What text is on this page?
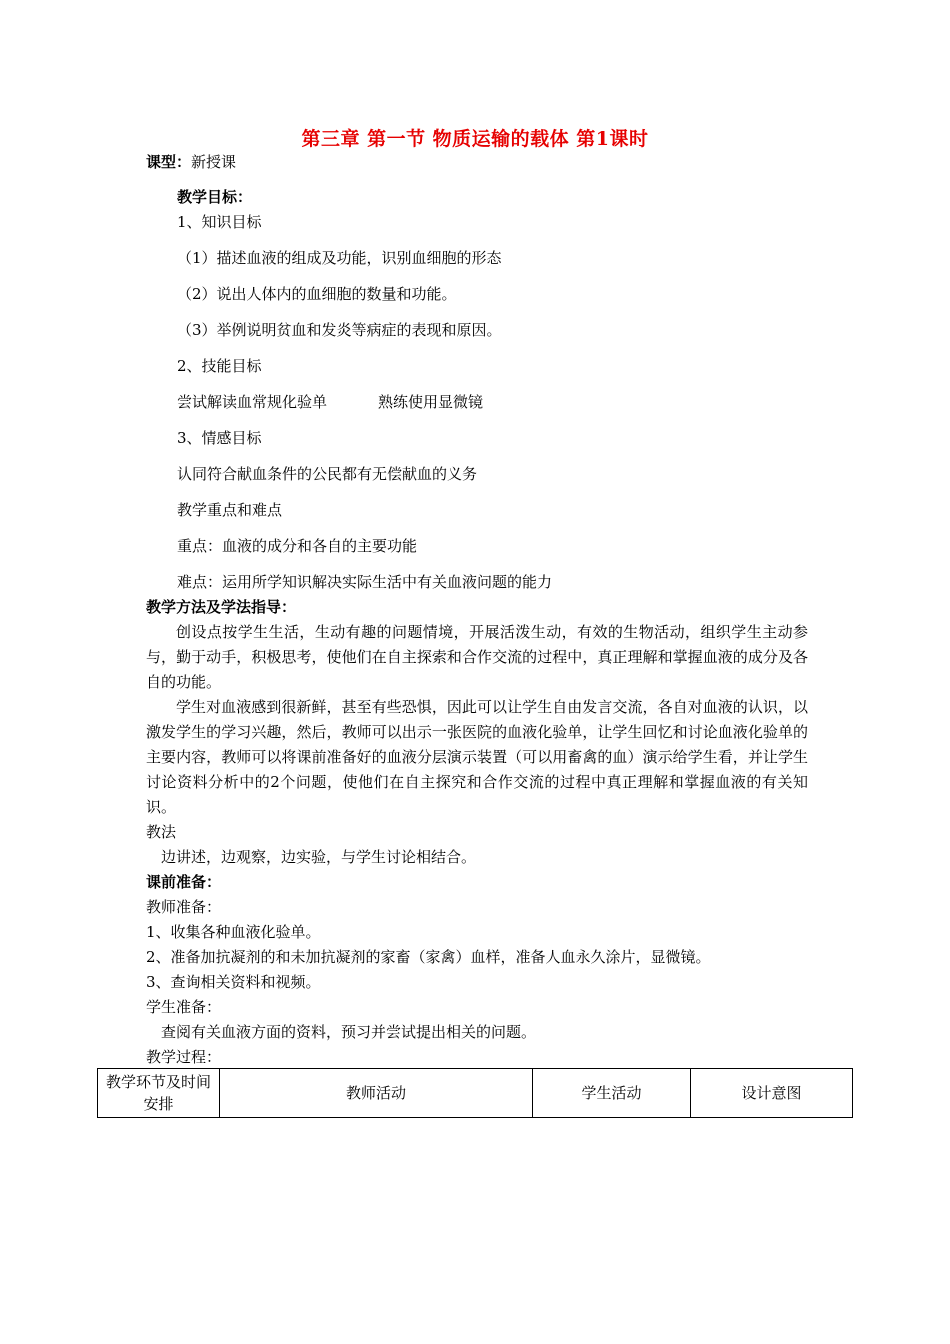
第三章 第一节 物质运输的载体 第1课时
课型：新授课
教学目标：
1、知识目标
（1）描述血液的组成及功能，识别血细胞的形态
（2）说出人体内的血细胞的数量和功能。
（3）举例说明贫血和发炎等病症的表现和原因。
2、技能目标
尝试解读血常规化验单	熟练使用显微镜
3、情感目标
认同符合献血条件的公民都有无偿献血的义务
教学重点和难点
重点：血液的成分和各自的主要功能
难点：运用所学知识解决实际生活中有关血液问题的能力
教学方法及学法指导：
创设点按学生生活，生动有趣的问题情境，开展活泼生动，有效的生物活动，组织学生主动参与，勤于动手，积极思考，使他们在自主探索和合作交流的过程中，真正理解和掌握血液的成分及各自的功能。
学生对血液感到很新鲜，甚至有些恐惧，因此可以让学生自由发言交流，各自对血液的认识，以激发学生的学习兴趣，然后，教师可以出示一张医院的血液化验单，让学生回忆和讨论血液化验单的主要内容，教师可以将课前准备好的血液分层演示装置（可以用畜禽的血）演示给学生看，并让学生讨论资料分析中的2个问题，使他们在自主探究和合作交流的过程中真正理解和掌握血液的有关知识。
教法
边讲述，边观察，边实验，与学生讨论相结合。
课前准备：
教师准备：
1、收集各种血液化验单。
2、准备加抗凝剂的和未加抗凝剂的家畜（家禽）血样，准备人血永久涂片，显微镜。
3、查询相关资料和视频。
学生准备：
查阅有关血液方面的资料，预习并尝试提出相关的问题。
教学过程：
教学环节及时间安排	教师活动	学生活动	设计意图
